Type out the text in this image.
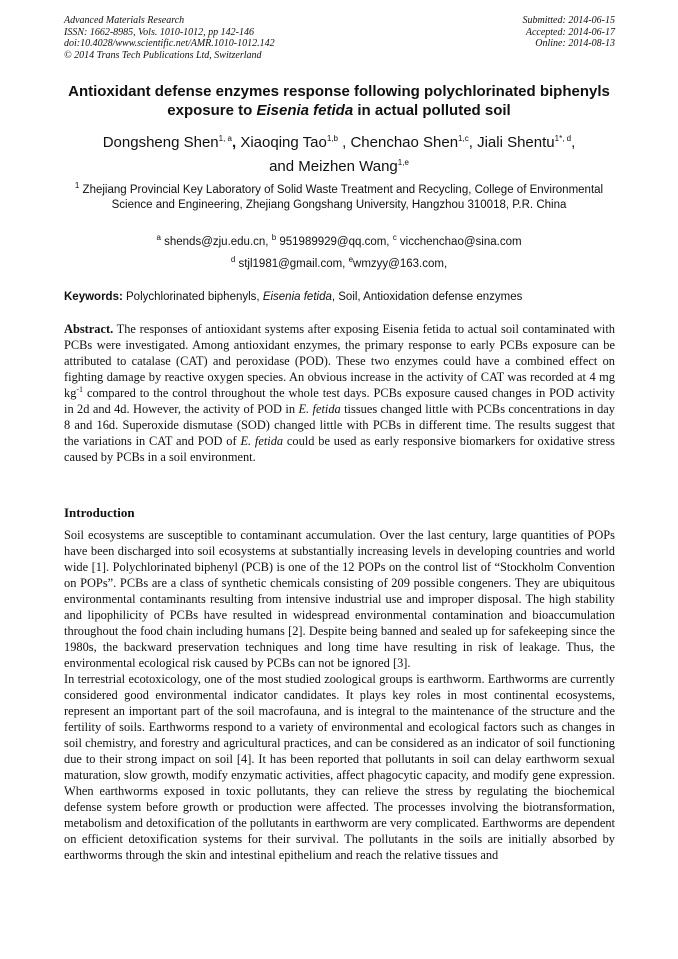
Advanced Materials Research
ISSN: 1662-8985, Vols. 1010-1012, pp 142-146
doi:10.4028/www.scientific.net/AMR.1010-1012.142
© 2014 Trans Tech Publications Ltd, Switzerland
Submitted: 2014-06-15
Accepted: 2014-06-17
Online: 2014-08-13
Antioxidant defense enzymes response following polychlorinated biphenyls exposure to Eisenia fetida in actual polluted soil
Dongsheng Shen$^{1, a}$, Xiaoqing Tao$^{1,b}$ , Chenchao Shen$^{1,c}$, Jiali Shentu$^{1*, d}$,
and Meizhen Wang$^{1,e}$
$^1$ Zhejiang Provincial Key Laboratory of Solid Waste Treatment and Recycling, College of Environmental Science and Engineering, Zhejiang Gongshang University, Hangzhou 310018, P.R. China
$^a$ shends@zju.edu.cn, $^b$ 951989929@qq.com, $^c$ vicchenchao@sina.com
$^d$ stjl1981@gmail.com, $^e$wmzyy@163.com,
Keywords: Polychlorinated biphenyls, Eisenia fetida, Soil, Antioxidation defense enzymes
Abstract. The responses of antioxidant systems after exposing Eisenia fetida to actual soil contaminated with PCBs were investigated. Among antioxidant enzymes, the primary response to early PCBs exposure can be attributed to catalase (CAT) and peroxidase (POD). These two enzymes could have a combined effect on fighting damage by reactive oxygen species. An obvious increase in the activity of CAT was recorded at 4 mg $kg^{-1}$ compared to the control throughout the whole test days. PCBs exposure caused changes in POD activity in 2d and 4d. However, the activity of POD in E. fetida tissues changed little with PCBs concentrations in day 8 and 16d. Superoxide dismutase (SOD) changed little with PCBs in different time. The results suggest that the variations in CAT and POD of E. fetida could be used as early responsive biomarkers for oxidative stress caused by PCBs in a soil environment.
Introduction

Soil ecosystems are susceptible to contaminant accumulation. Over the last century, large quantities of POPs have been discharged into soil ecosystems at substantially increasing levels in developing countries and world wide [1]. Polychlorinated biphenyl (PCB) is one of the 12 POPs on the control list of “Stockholm Convention on POPs”. PCBs are a class of synthetic chemicals consisting of 209 possible congeners. They are ubiquitous environmental contaminants resulting from intensive industrial use and improper disposal. The high stability and lipophilicity of PCBs have resulted in widespread environmental contamination and bioaccumulation throughout the food chain including humans [2]. Despite being banned and sealed up for safekeeping since the 1980s, the backward preservation techniques and long time have resulting in risk of leakage. Thus, the environmental ecological risk caused by PCBs can not be ignored [3].

In terrestrial ecotoxicology, one of the most studied zoological groups is earthworm. Earthworms are currently considered good environmental indicator candidates. It plays key roles in most continental ecosystems, represent an important part of the soil macrofauna, and is integral to the maintenance of the structure and the fertility of soils. Earthworms respond to a variety of environmental and ecological factors such as changes in soil chemistry, and forestry and agricultural practices, and can be considered as an indicator of soil functioning due to their strong impact on soil [4]. It has been reported that pollutants in soil can delay earthworm sexual maturation, slow growth, modify enzymatic activities, affect phagocytic capacity, and modify gene expression. When earthworms exposed in toxic pollutants, they can relieve the stress by regulating the biochemical defense system before growth or production were affected. The processes involving the biotransformation, metabolism and detoxification of the pollutants in earthworm are very complicated. Earthworms are dependent on efficient detoxification systems for their survival. The pollutants in the soils are initially absorbed by earthworms through the skin and intestinal epithelium and reach the relative tissues and
